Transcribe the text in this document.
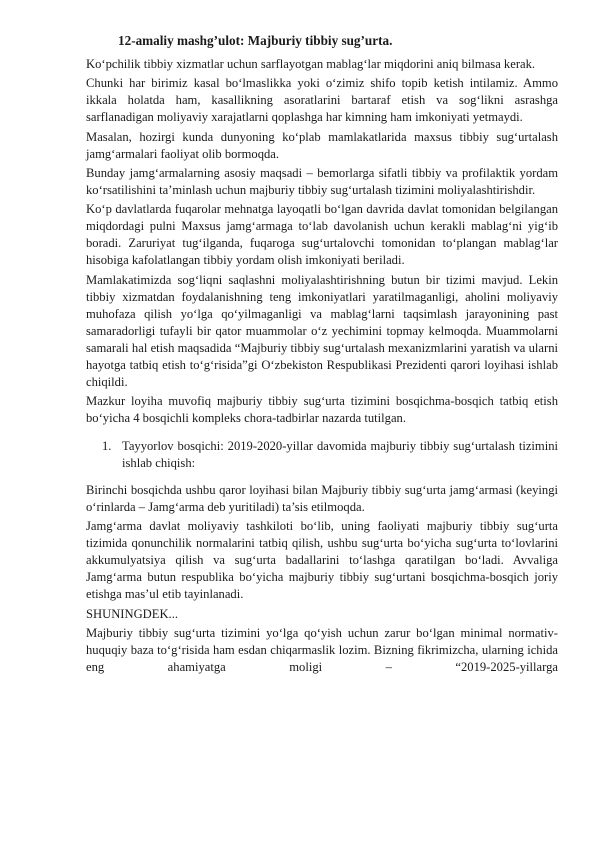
12-amaliy mashg’ulot: Majburiy tibbiy sug’urta.

Ko‘pchilik tibbiy xizmatlar uchun sarflayotgan mablag‘lar miqdorini aniq bilmasa kerak.

Chunki har birimiz kasal bo‘lmaslikka yoki o‘zimiz shifo topib ketish intilamiz. Ammo ikkala holatda ham, kasallikning asoratlarini bartaraf etish va sog‘likni asrashga sarflanadigan moliyaviy xarajatlarni qoplashga har kimning ham imkoniyati yetmaydi.

Masalan, hozirgi kunda dunyoning ko‘plab mamlakatlarida maxsus tibbiy sug‘urtalash jamg‘armalari faoliyat olib bormoqda.

Bunday jamg‘armalarning asosiy maqsadi – bemorlarga sifatli tibbiy va profilaktik yordam ko‘rsatilishini ta’minlash uchun majburiy tibbiy sug‘urtalash tizimini moliyalashtirishdir.

Ko‘p davlatlarda fuqarolar mehnatga layoqatli bo‘lgan davrida davlat tomonidan belgilangan miqdordagi pulni Maxsus jamg‘armaga to‘lab davolanish uchun kerakli mablag‘ni yig‘ib boradi. Zaruriyat tug‘ilganda, fuqaroga sug‘urtalovchi tomonidan to‘plangan mablag‘lar hisobiga kafolatlangan tibbiy yordam olish imkoniyati beriladi.

Mamlakatimizda sog‘liqni saqlashni moliyalashtirishning butun bir tizimi mavjud. Lekin tibbiy xizmatdan foydalanishning teng imkoniyatlari yaratilmaganligi, aholini moliyaviy muhofaza qilish yo‘lga qo‘yilmaganligi va mablag‘larni taqsimlash jarayonining past samaradorligi tufayli bir qator muammolar o‘z yechimini topmay kelmoqda. Muammolarni samarali hal etish maqsadida “Majburiy tibbiy sug‘urtalash mexanizmlarini yaratish va ularni hayotga tatbiq etish to‘g‘risida”gi O‘zbekiston Respublikasi Prezidenti qarori loyihasi ishlab chiqildi.

Mazkur loyiha muvofiq majburiy tibbiy sug‘urta tizimini bosqichma-bosqich tatbiq etish bo‘yicha 4 bosqichli kompleks chora-tadbirlar nazarda tutilgan.

1. Tayyorlov bosqichi: 2019-2020-yillar davomida majburiy tibbiy sug‘urtalash tizimini ishlab chiqish:

Birinchi bosqichda ushbu qaror loyihasi bilan Majburiy tibbiy sug‘urta jamg‘armasi (keyingi o‘rinlarda – Jamg‘arma deb yuritiladi) ta’sis etilmoqda.

Jamg‘arma davlat moliyaviy tashkiloti bo‘lib, uning faoliyati majburiy tibbiy sug‘urta tizimida qonunchilik normalarini tatbiq qilish, ushbu sug‘urta bo‘yicha sug‘urta to‘lovlarini akkumulyatsiya qilish va sug‘urta badallarini to‘lashga qaratilgan bo‘ladi. Avvaliga Jamg‘arma butun respublika bo‘yicha majburiy tibbiy sug‘urtani bosqichma-bosqich joriy etishga mas’ul etib tayinlanadi.

SHUNINGDEK...

Majburiy tibbiy sug‘urta tizimini yo‘lga qo‘yish uchun zarur bo‘lgan minimal normativ-huquqiy baza to‘g‘risida ham esdan chiqarmaslik lozim. Bizning fikrimizcha, ularning ichida eng ahamiyatga moligi – “2019-2025-yillarga
